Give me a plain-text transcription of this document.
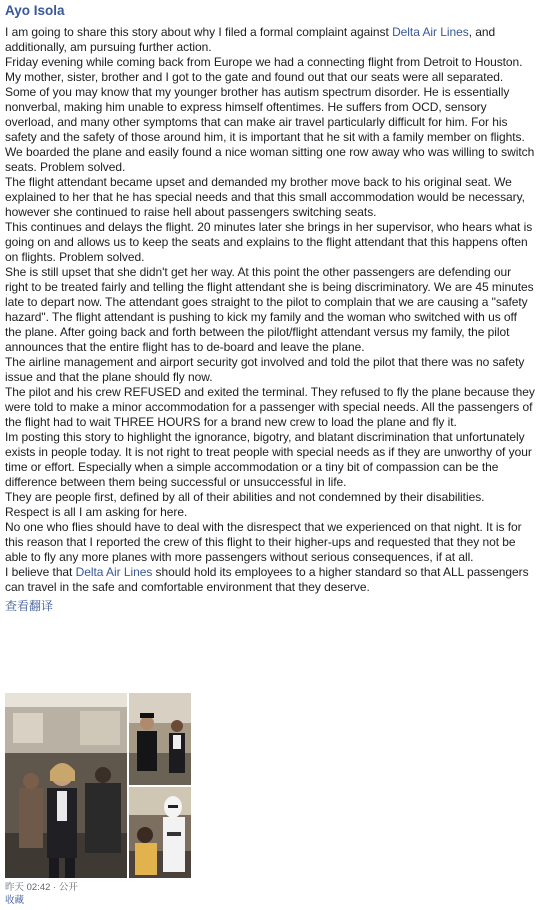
Ayo Isola

I am going to share this story about why I filed a formal complaint against Delta Air Lines, and additionally, am pursuing further action.

Friday evening while coming back from Europe we had a connecting flight from Detroit to Houston. My mother, sister, brother and I got to the gate and found out that our seats were all separated.

Some of you may know that my younger brother has autism spectrum disorder. He is essentially nonverbal, making him unable to express himself oftentimes. He suffers from OCD, sensory overload, and many other symptoms that can make air travel particularly difficult for him. For his safety and the safety of those around him, it is important that he sit with a family member on flights.

We boarded the plane and easily found a nice woman sitting one row away who was willing to switch seats. Problem solved.

The flight attendant became upset and demanded my brother move back to his original seat. We explained to her that he has special needs and that this small accommodation would be necessary, however she continued to raise hell about passengers switching seats.

This continues and delays the flight. 20 minutes later she brings in her supervisor, who hears what is going on and allows us to keep the seats and explains to the flight attendant that this happens often on flights. Problem solved.

She is still upset that she didn't get her way. At this point the other passengers are defending our right to be treated fairly and telling the flight attendant she is being discriminatory. We are 45 minutes late to depart now. The attendant goes straight to the pilot to complain that we are causing a "safety hazard". The flight attendant is pushing to kick my family and the woman who switched with us off the plane. After going back and forth between the pilot/flight attendant versus my family, the pilot announces that the entire flight has to de-board and leave the plane.

The airline management and airport security got involved and told the pilot that there was no safety issue and that the plane should fly now.

The pilot and his crew REFUSED and exited the terminal. They refused to fly the plane because they were told to make a minor accommodation for a passenger with special needs. All the passengers of the flight had to wait THREE HOURS for a brand new crew to load the plane and fly it.

Im posting this story to highlight the ignorance, bigotry, and blatant discrimination that unfortunately exists in people today. It is not right to treat people with special needs as if they are unworthy of your time or effort. Especially when a simple accommodation or a tiny bit of compassion can be the difference between them being successful or unsuccessful in life.

They are people first, defined by all of their abilities and not condemned by their disabilities.

Respect is all I am asking for here.

No one who flies should have to deal with the disrespect that we experienced on that night. It is for this reason that I reported the crew of this flight to their higher-ups and requested that they not be able to fly any more planes with more passengers without serious consequences, if at all.

I believe that Delta Air Lines should hold its employees to a higher standard so that ALL passengers can travel in the safe and comfortable environment that they deserve.

查看翻译
昨天 02:42 · 公开
收藏
